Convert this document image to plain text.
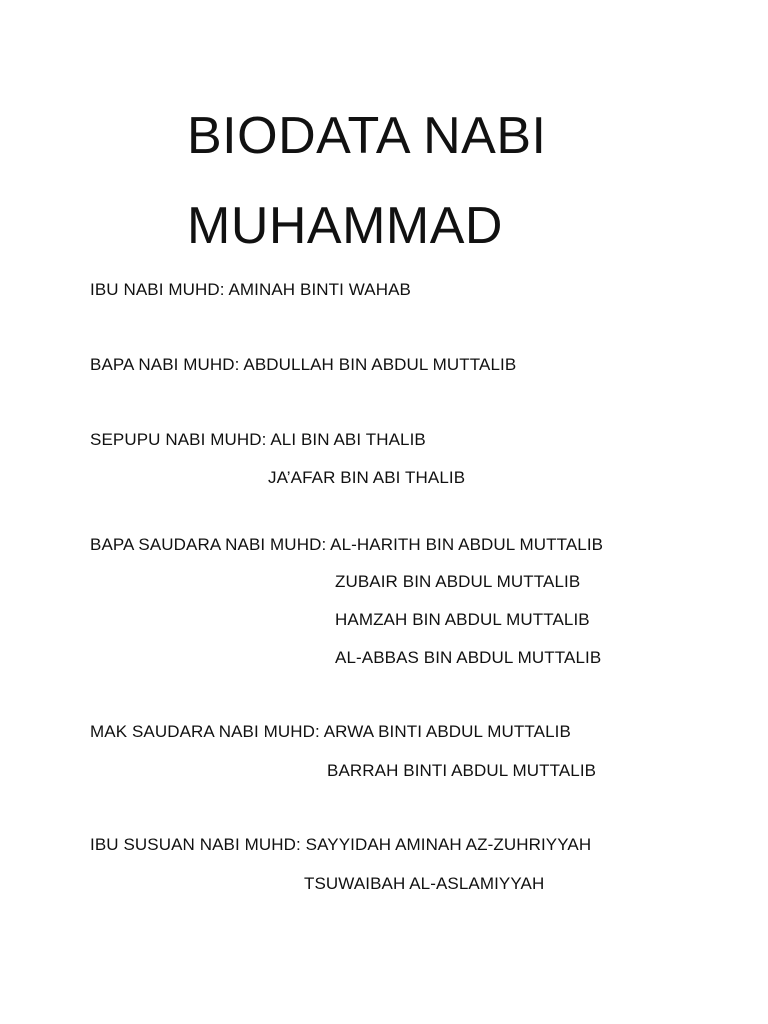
BIODATA NABI
MUHAMMAD
IBU NABI MUHD: AMINAH BINTI WAHAB
BAPA NABI MUHD: ABDULLAH BIN ABDUL MUTTALIB
SEPUPU NABI MUHD: ALI BIN ABI THALIB
JA’AFAR BIN ABI THALIB
BAPA SAUDARA NABI MUHD: AL-HARITH BIN ABDUL MUTTALIB
ZUBAIR BIN ABDUL MUTTALIB
HAMZAH BIN ABDUL MUTTALIB
AL-ABBAS BIN ABDUL MUTTALIB
MAK SAUDARA NABI MUHD: ARWA BINTI ABDUL MUTTALIB
BARRAH BINTI ABDUL MUTTALIB
IBU SUSUAN NABI MUHD: SAYYIDAH AMINAH AZ-ZUHRIYYAH
TSUWAIBAH AL-ASLAMIYYAH
